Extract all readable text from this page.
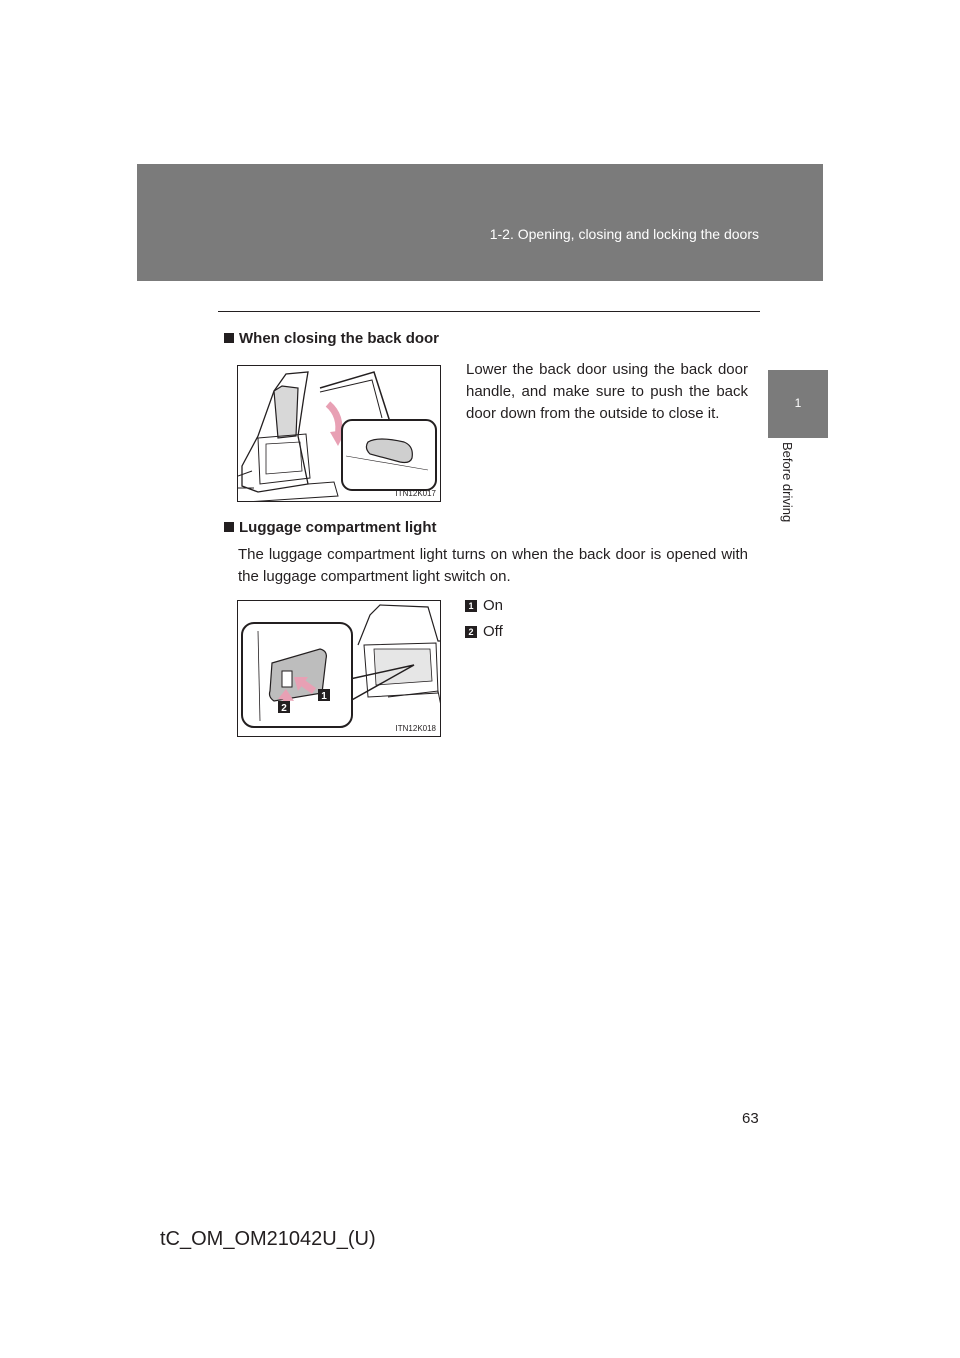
1-2. Opening, closing and locking the doors
1
Before driving
When closing the back door
ITN12K017
Lower the back door using the back door handle, and make sure to push the back door down from the outside to close it.
Luggage compartment light
The luggage compartment light turns on when the back door is opened with the luggage compartment light switch on.
1
2
ITN12K018
1 On
2 Off
63
tC_OM_OM21042U_(U)
